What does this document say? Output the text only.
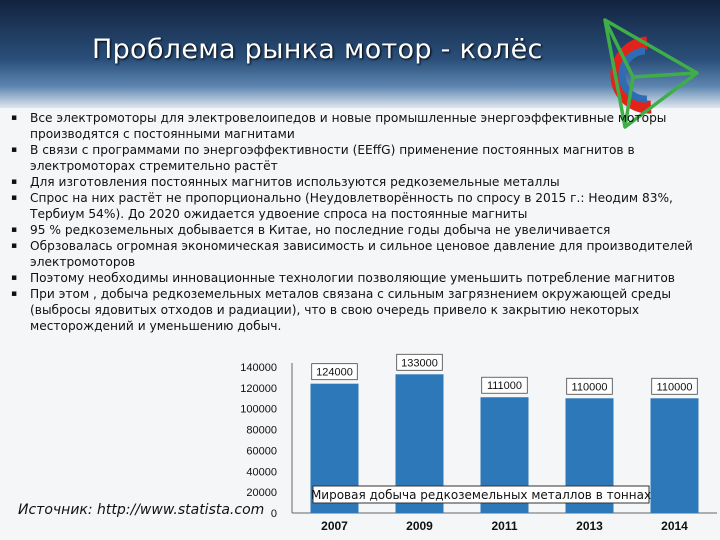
Проблема рынка мотор - колёс
▪ Все электромоторы для электровелоипедов и новые промышленные энергоэффективные моторы производятся с постоянными магнитами
▪ В связи с программами по энергоэффективности (EEffG) применение постоянных магнитов в электромоторах стремительно растёт
▪ Для изготовления постоянных магнитов используются редкоземельные металлы
▪ Спрос на них растёт не пропорционально (Неудовлетворённость по спросу в 2015 г.: Неодим 83%, Тербиум 54%). До 2020 ожидается удвоение спроса на постоянные магниты
▪ 95 % редкоземельных добывается в Китае, но последние годы добыча не увеличивается
▪ Обрзовалась огромная экономическая зависимость и сильное ценовое давление для производителей электромоторов
▪ Поэтому необходимы инновационные технологии позволяющие уменьшить потребление магнитов
▪ При этом , добыча редкоземельных металов связана с сильным загрязнением окружающей среды (выбросы ядовитых отходов и радиации), что в свою очередь привело к закрытию некоторых месторождений и уменьшению добыч.
0
20000
40000
60000
80000
100000
120000
140000	124000
2007
133000
2009
111000
2011
110000
2013
110000
2014
Мировая добыча редкоземельных металлов в тоннах
Источник: http://www.statista.com
